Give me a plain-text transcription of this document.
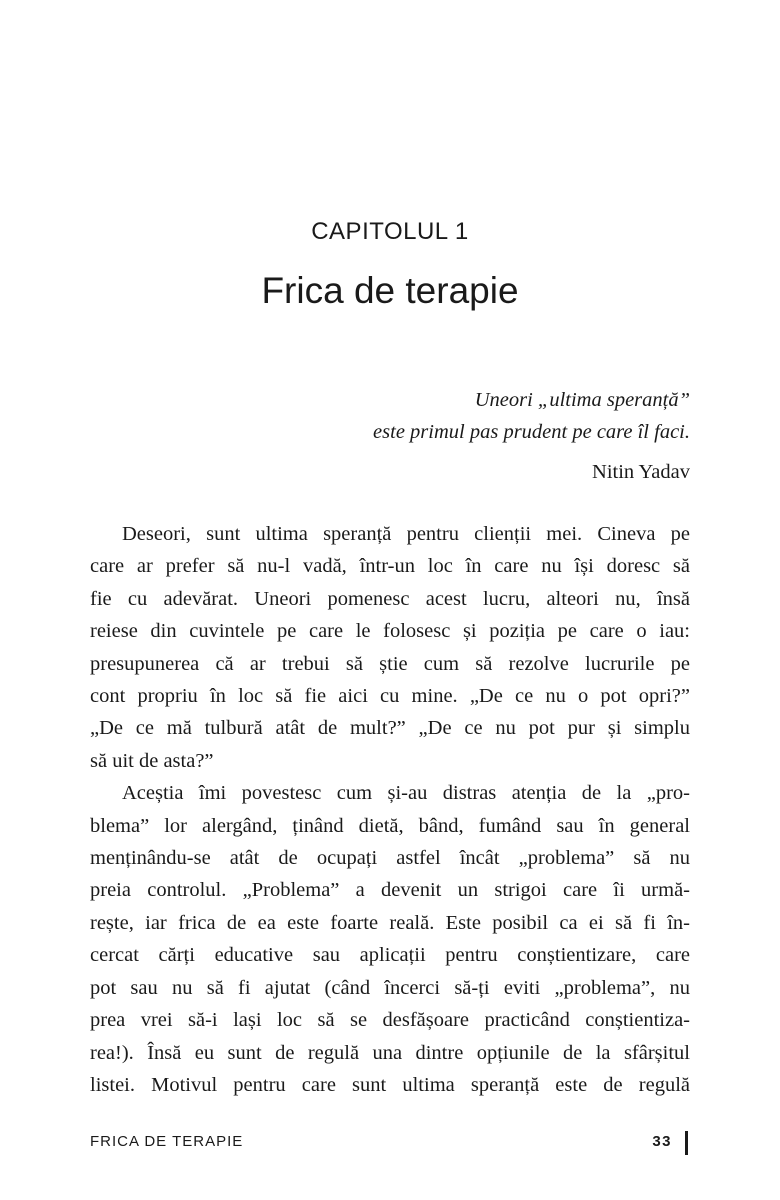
CAPITOLUL 1
Frica de terapie
Uneori „ultima speranță”
este primul pas prudent pe care îl faci.
Nitin Yadav
Deseori, sunt ultima speranță pentru clienții mei. Cineva pe
care ar prefer să nu-l vadă, într-un loc în care nu își doresc să
fie cu adevărat. Uneori pomenesc acest lucru, alteori nu, însă
reiese din cuvintele pe care le folosesc și poziția pe care o iau:
presupunerea că ar trebui să știe cum să rezolve lucrurile pe
cont propriu în loc să fie aici cu mine. „De ce nu o pot opri?”
„De ce mă tulbură atât de mult?” „De ce nu pot pur și simplu
să uit de asta?”
Aceștia îmi povestesc cum și-au distras atenția de la „pro-
blema” lor alergând, ținând dietă, bând, fumând sau în general
menținându-se atât de ocupați astfel încât „problema” să nu
preia controlul. „Problema” a devenit un strigoi care îi urmă-
rește, iar frica de ea este foarte reală. Este posibil ca ei să fi în-
cercat cărți educative sau aplicații pentru conștientizare, care
pot sau nu să fi ajutat (când încerci să-ți eviti „problema”, nu
prea vrei să-i lași loc să se desfășoare practicând conștientiza-
rea!). Însă eu sunt de regulă una dintre opțiunile de la sfârșitul
listei. Motivul pentru care sunt ultima speranță este de regulă
FRICA DE TERAPIE	33
